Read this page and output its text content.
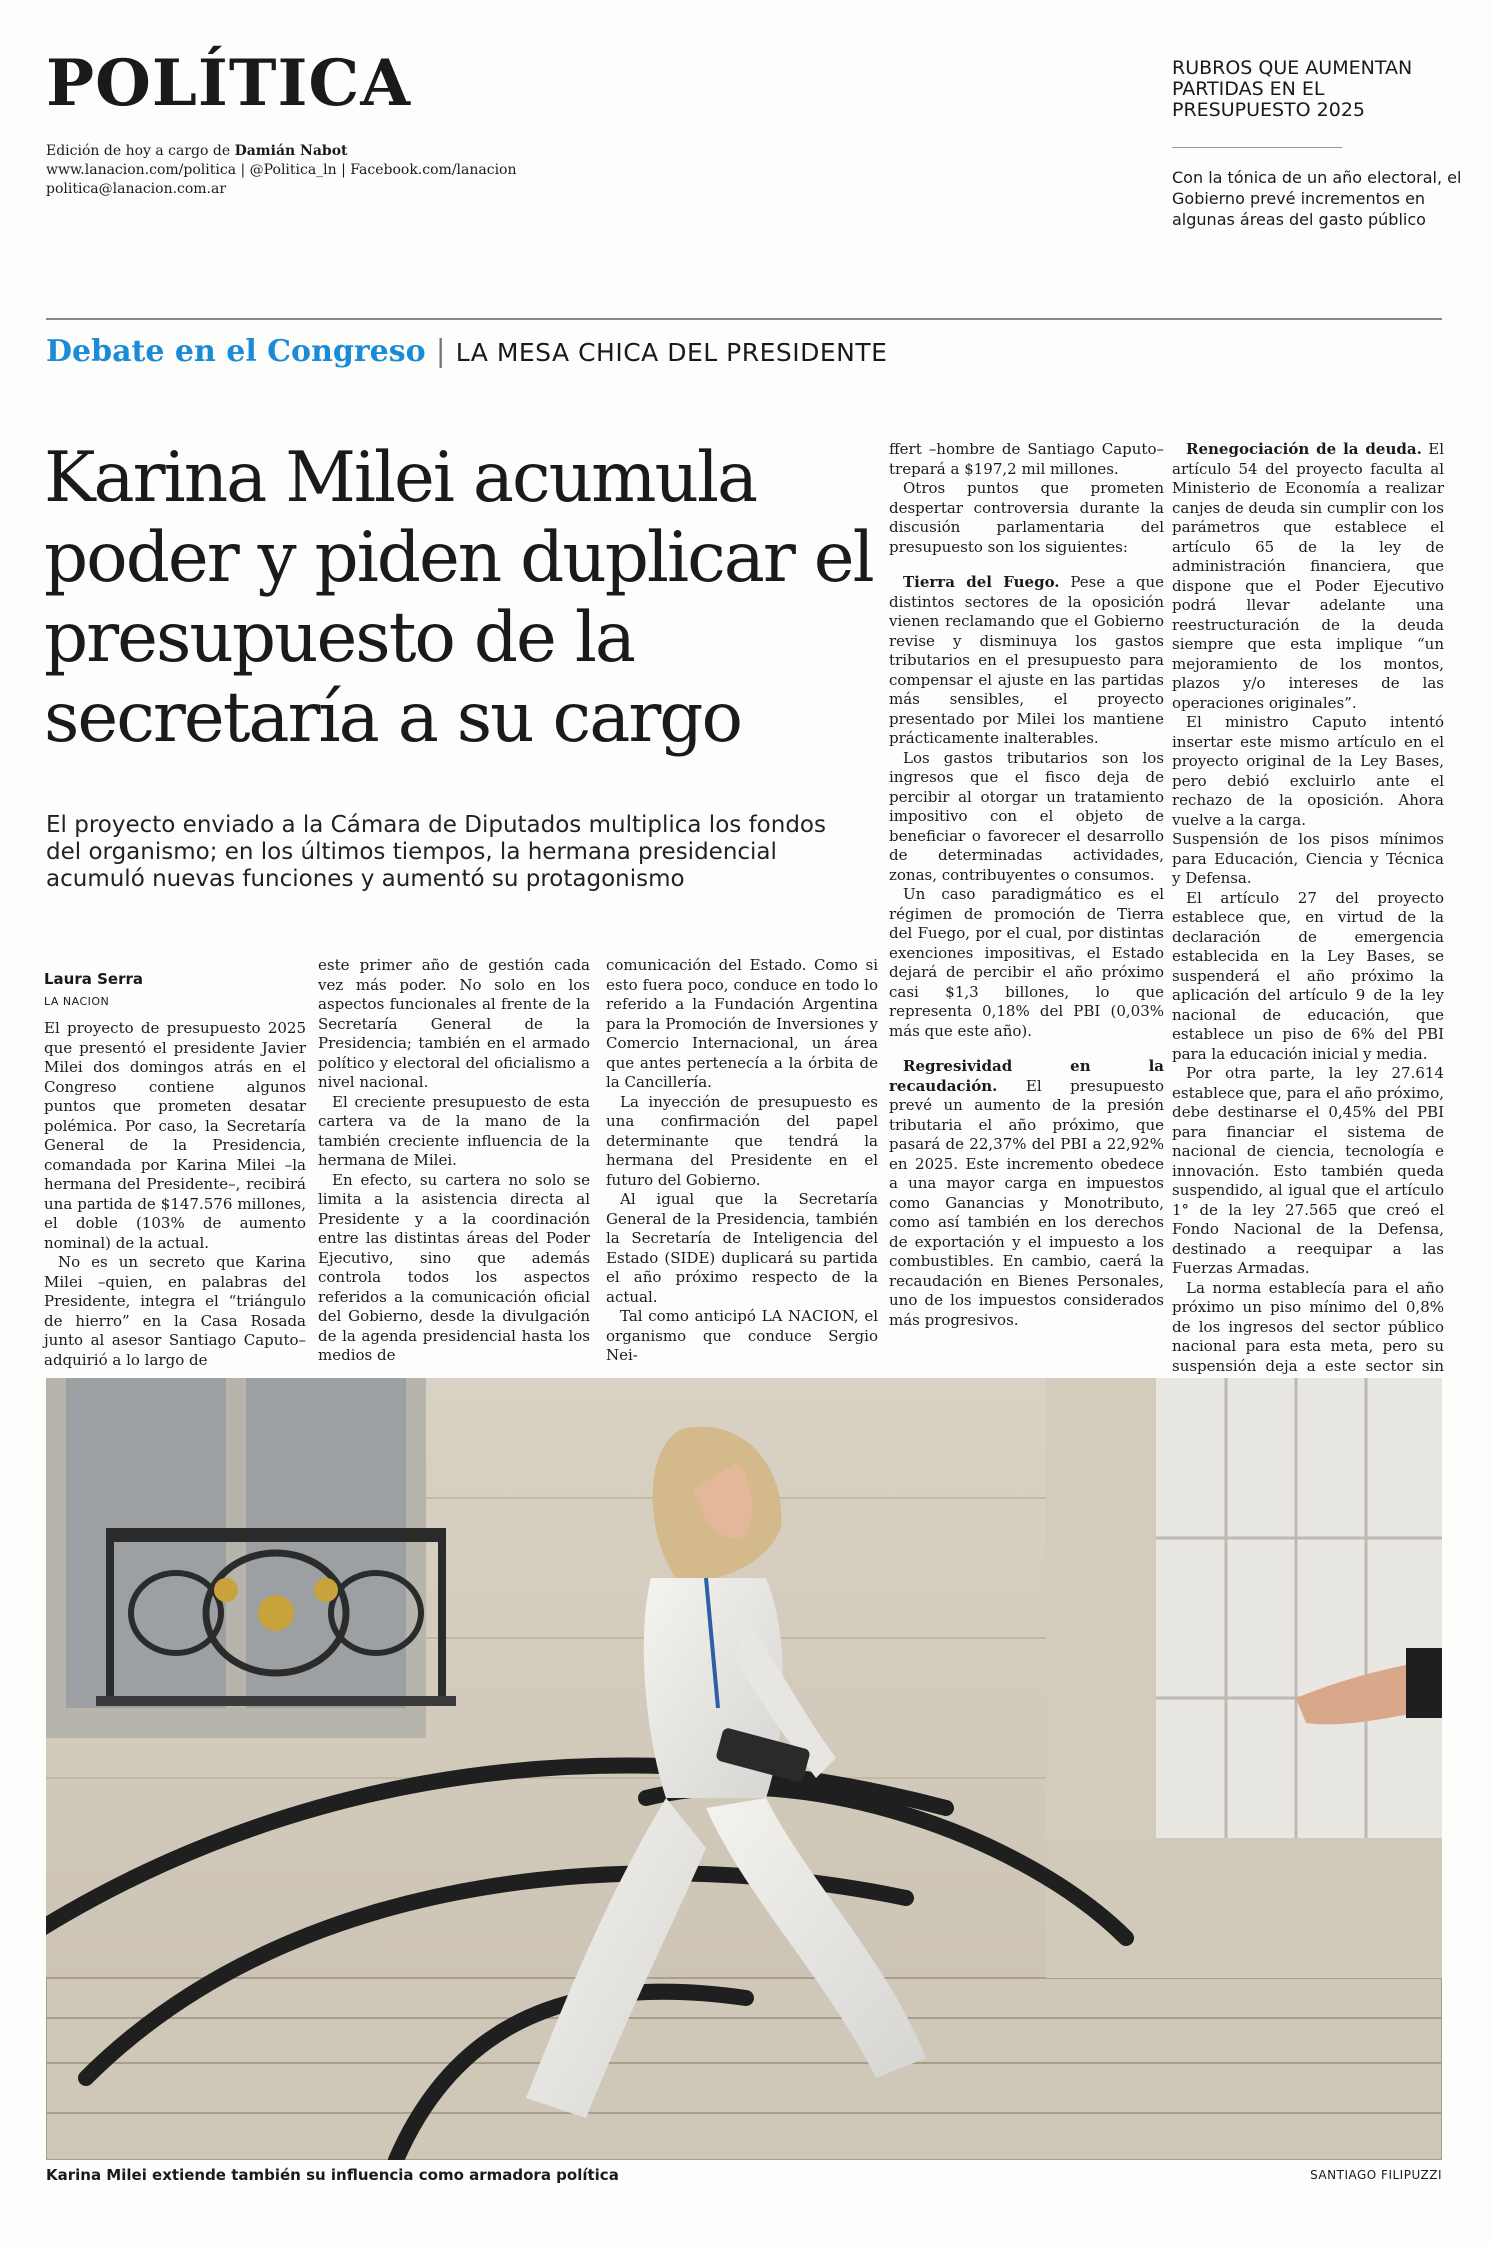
POLÍTICA
Edición de hoy a cargo de Damián Nabot
www.lanacion.com/politica | @Politica_ln | Facebook.com/lanacion
politica@lanacion.com.ar
RUBROS QUE AUMENTAN PARTIDAS EN EL PRESUPUESTO 2025
Con la tónica de un año electoral, el Gobierno prevé incrementos en algunas áreas del gasto público
Debate en el Congreso | LA MESA CHICA DEL PRESIDENTE
Karina Milei acumula poder y piden duplicar el presupuesto de la secretaría a su cargo
El proyecto enviado a la Cámara de Diputados multiplica los fondos del organismo; en los últimos tiempos, la hermana presidencial acumuló nuevas funciones y aumentó su protagonismo
Laura Serra
LA NACION

El proyecto de presupuesto 2025 que presentó el presidente Javier Milei dos domingos atrás en el Congreso contiene algunos puntos que prometen desatar polémica. Por caso, la Secretaría General de la Presidencia, comandada por Karina Milei –la hermana del Presidente–, recibirá una partida de $147.576 millones, el doble (103% de aumento nominal) de la actual.

No es un secreto que Karina Milei –quien, en palabras del Presidente, integra el “triángulo de hierro” en la Casa Rosada junto al asesor Santiago Caputo– adquirió a lo largo de

este primer año de gestión cada vez más poder. No solo en los aspectos funcionales al frente de la Secretaría General de la Presidencia; también en el armado político y electoral del oficialismo a nivel nacional.

El creciente presupuesto de esta cartera va de la mano de la también creciente influencia de la hermana de Milei.

En efecto, su cartera no solo se limita a la asistencia directa al Presidente y a la coordinación entre las distintas áreas del Poder Ejecutivo, sino que además controla todos los aspectos referidos a la comunicación oficial del Gobierno, desde la divulgación de la agenda presidencial hasta los medios de

comunicación del Estado. Como si esto fuera poco, conduce en todo lo referido a la Fundación Argentina para la Promoción de Inversiones y Comercio Internacional, un área que antes pertenecía a la órbita de la Cancillería.

La inyección de presupuesto es una confirmación del papel determinante que tendrá la hermana del Presidente en el futuro del Gobierno.

Al igual que la Secretaría General de la Presidencia, también la Secretaría de Inteligencia del Estado (SIDE) duplicará su partida el año próximo respecto de la actual.

Tal como anticipó LA NACION, el organismo que conduce Sergio Nei-

ffert –hombre de Santiago Caputo– trepará a $197,2 mil millones.

Otros puntos que prometen despertar controversia durante la discusión parlamentaria del presupuesto son los siguientes:

Tierra del Fuego. Pese a que distintos sectores de la oposición vienen reclamando que el Gobierno revise y disminuya los gastos tributarios en el presupuesto para compensar el ajuste en las partidas más sensibles, el proyecto presentado por Milei los mantiene prácticamente inalterables.

Los gastos tributarios son los ingresos que el fisco deja de percibir al otorgar un tratamiento impositivo con el objeto de beneficiar o favorecer el desarrollo de determinadas actividades, zonas, contribuyentes o consumos.

Un caso paradigmático es el régimen de promoción de Tierra del Fuego, por el cual, por distintas exenciones impositivas, el Estado dejará de percibir el año próximo casi $1,3 billones, lo que representa 0,18% del PBI (0,03% más que este año).

Regresividad en la recaudación. El presupuesto prevé un aumento de la presión tributaria el año próximo, que pasará de 22,37% del PBI a 22,92% en 2025. Este incremento obedece a una mayor carga en impuestos como Ganancias y Monotributo, como así también en los derechos de exportación y el impuesto a los combustibles. En cambio, caerá la recaudación en Bienes Personales, uno de los impuestos considerados más progresivos.

Renegociación de la deuda. El artículo 54 del proyecto faculta al Ministerio de Economía a realizar canjes de deuda sin cumplir con los parámetros que establece el artículo 65 de la ley de administración financiera, que dispone que el Poder Ejecutivo podrá llevar adelante una reestructuración de la deuda siempre que esta implique “un mejoramiento de los montos, plazos y/o intereses de las operaciones originales”.

El ministro Caputo intentó insertar este mismo artículo en el proyecto original de la Ley Bases, pero debió excluirlo ante el rechazo de la oposición. Ahora vuelve a la carga.

Suspensión de los pisos mínimos para Educación, Ciencia y Técnica y Defensa.

El artículo 27 del proyecto establece que, en virtud de la declaración de emergencia establecida en la Ley Bases, se suspenderá el año próximo la aplicación del artículo 9 de la ley nacional de educación, que establece un piso de 6% del PBI para la educación inicial y media.

Por otra parte, la ley 27.614 establece que, para el año próximo, debe destinarse el 0,45% del PBI para financiar el sistema de nacional de ciencia, tecnología e innovación. Esto también queda suspendido, al igual que el artículo 1° de la ley 27.565 que creó el Fondo Nacional de la Defensa, destinado a reequipar a las Fuerzas Armadas.

La norma establecía para el año próximo un piso mínimo del 0,8% de los ingresos del sector público nacional para esta meta, pero su suspensión deja a este sector sin

Karina Milei extiende también su influencia como armadora política	SANTIAGO FILIPUZZI
